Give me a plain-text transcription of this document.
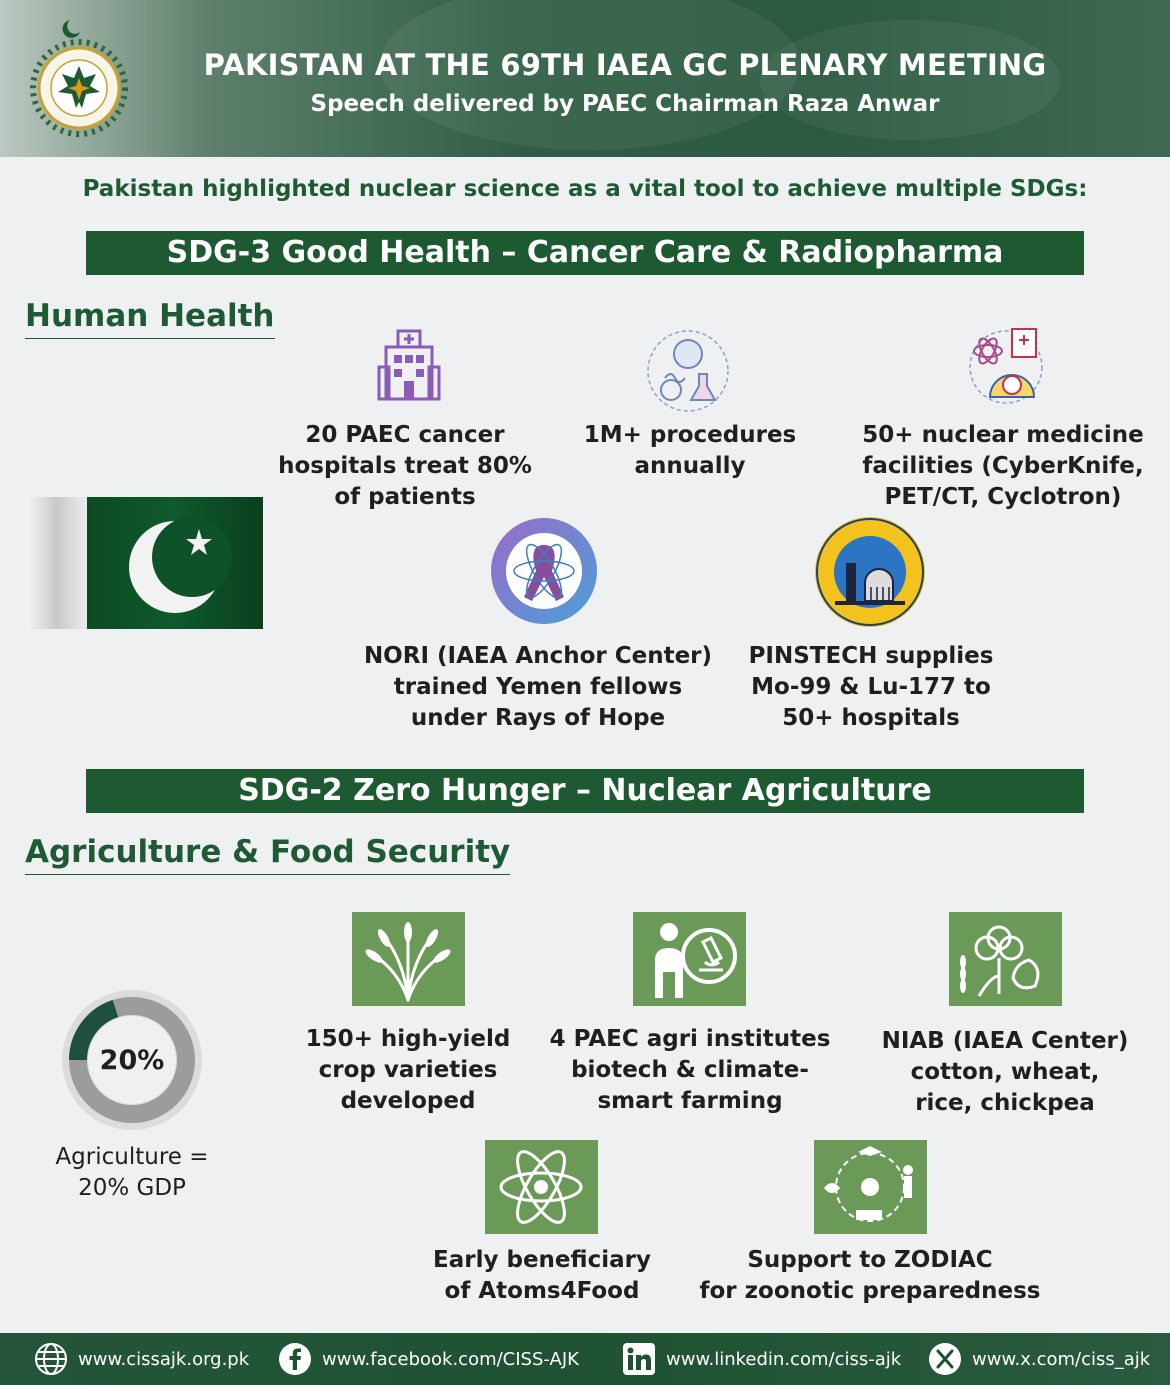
PAKISTAN AT THE 69TH IAEA GC PLENARY MEETING
Speech delivered by PAEC Chairman Raza Anwar
Pakistan highlighted nuclear science as a vital tool to achieve multiple SDGs:
SDG-3 Good Health – Cancer Care & Radiopharma
Human Health
20 PAEC cancer
hospitals treat 80%
of patients
1M+ procedures
annually
50+ nuclear medicine
facilities (CyberKnife,
PET/CT, Cyclotron)
NORI (IAEA Anchor Center)
trained Yemen fellows
under Rays of Hope
PINSTECH supplies
Mo-99 & Lu-177 to
50+ hospitals
SDG-2 Zero Hunger – Nuclear Agriculture
Agriculture & Food Security
20%
Agriculture =
20% GDP
150+ high-yield
crop varieties
developed
4 PAEC agri institutes
biotech & climate-
smart farming
NIAB (IAEA Center)
cotton, wheat,
rice, chickpea
Early beneficiary
of Atoms4Food
Support to ZODIAC
for zoonotic preparedness
www.cissajk.org.pk	www.facebook.com/CISS-AJK	www.linkedin.com/ciss-ajk	www.x.com/ciss_ajk
